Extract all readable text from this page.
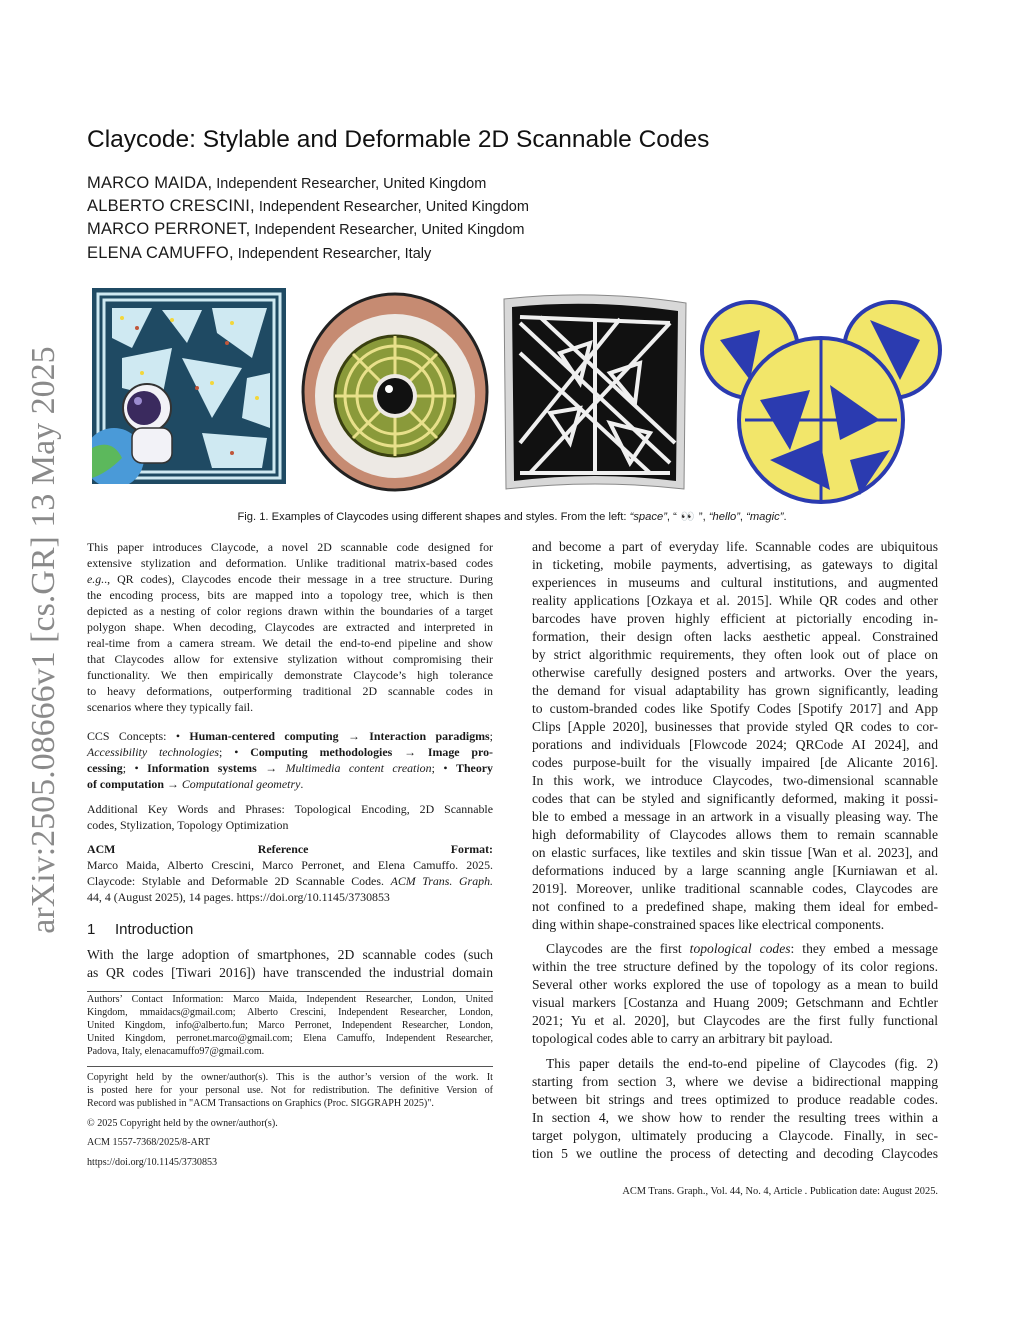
arXiv:2505.08666v1 [cs.GR] 13 May 2025
Claycode: Stylable and Deformable 2D Scannable Codes
MARCO MAIDA, Independent Researcher, United Kingdom
ALBERTO CRESCINI, Independent Researcher, United Kingdom
MARCO PERRONET, Independent Researcher, United Kingdom
ELENA CAMUFFO, Independent Researcher, Italy
Fig. 1. Examples of Claycodes using different shapes and styles. From the left: “space”, “ 👀 ”, “hello”, “magic”.
This paper introduces Claycode, a novel 2D scannable code designed for
extensive stylization and deformation. Unlike traditional matrix-based codes
e.g.., QR codes), Claycodes encode their message in a tree structure. During
the encoding process, bits are mapped into a topology tree, which is then
depicted as a nesting of color regions drawn within the boundaries of a target
polygon shape. When decoding, Claycodes are extracted and interpreted in
real-time from a camera stream. We detail the end-to-end pipeline and show
that Claycodes allow for extensive stylization without compromising their
functionality. We then empirically demonstrate Claycode’s high tolerance
to heavy deformations, outperforming traditional 2D scannable codes in
scenarios where they typically fail.
CCS Concepts: • Human-centered computing → Interaction paradigms;
Accessibility technologies; • Computing methodologies → Image pro-
cessing; • Information systems → Multimedia content creation; • Theory
of computation → Computational geometry.
Additional Key Words and Phrases: Topological Encoding, 2D Scannable
codes, Stylization, Topology Optimization
ACM Reference Format:
Marco Maida, Alberto Crescini, Marco Perronet, and Elena Camuffo. 2025.
Claycode: Stylable and Deformable 2D Scannable Codes. ACM Trans. Graph.
44, 4 (August 2025), 14 pages. https://doi.org/10.1145/3730853
1 Introduction
With the large adoption of smartphones, 2D scannable codes (such
as QR codes [Tiwari 2016]) have transcended the industrial domain
Authors’ Contact Information: Marco Maida, Independent Researcher, London, United
Kingdom, mmaidacs@gmail.com; Alberto Crescini, Independent Researcher, London,
United Kingdom, info@alberto.fun; Marco Perronet, Independent Researcher, London,
United Kingdom, perronet.marco@gmail.com; Elena Camuffo, Independent Researcher,
Padova, Italy, elenacamuffo97@gmail.com.
Copyright held by the owner/author(s). This is the author’s version of the work. It
is posted here for your personal use. Not for redistribution. The definitive Version of
Record was published in "ACM Transactions on Graphics (Proc. SIGGRAPH 2025)".
© 2025 Copyright held by the owner/author(s).
ACM 1557-7368/2025/8-ART
https://doi.org/10.1145/3730853
and become a part of everyday life. Scannable codes are ubiquitous
in ticketing, mobile payments, advertising, as gateways to digital
experiences in museums and cultural institutions, and augmented
reality applications [Ozkaya et al. 2015]. While QR codes and other
barcodes have proven highly efficient at pictorially encoding in-
formation, their design often lacks aesthetic appeal. Constrained
by strict algorithmic requirements, they often look out of place on
otherwise carefully designed posters and artworks. Over the years,
the demand for visual adaptability has grown significantly, leading
to custom-branded codes like Spotify Codes [Spotify 2017] and App
Clips [Apple 2020], businesses that provide styled QR codes to cor-
porations and individuals [Flowcode 2024; QRCode AI 2024], and
codes purpose-built for the visually impaired [de Alicante 2016].
In this work, we introduce Claycodes, two-dimensional scannable
codes that can be styled and significantly deformed, making it possi-
ble to embed a message in an artwork in a visually pleasing way. The
high deformability of Claycodes allows them to remain scannable
on elastic surfaces, like textiles and skin tissue [Wan et al. 2023], and
deformations induced by a large scanning angle [Kurniawan et al.
2019]. Moreover, unlike traditional scannable codes, Claycodes are
not confined to a predefined shape, making them ideal for embed-
ding within shape-constrained spaces like electrical components.
Claycodes are the first topological codes: they embed a message
within the tree structure defined by the topology of its color regions.
Several other works explored the use of topology as a mean to build
visual markers [Costanza and Huang 2009; Getschmann and Echtler
2021; Yu et al. 2020], but Claycodes are the first fully functional
topological codes able to carry an arbitrary bit payload.
This paper details the end-to-end pipeline of Claycodes (fig. 2)
starting from section 3, where we devise a bidirectional mapping
between bit strings and trees optimized to produce readable codes.
In section 4, we show how to render the resulting trees within a
target polygon, ultimately producing a Claycode. Finally, in sec-
tion 5 we outline the process of detecting and decoding Claycodes
ACM Trans. Graph., Vol. 44, No. 4, Article . Publication date: August 2025.
